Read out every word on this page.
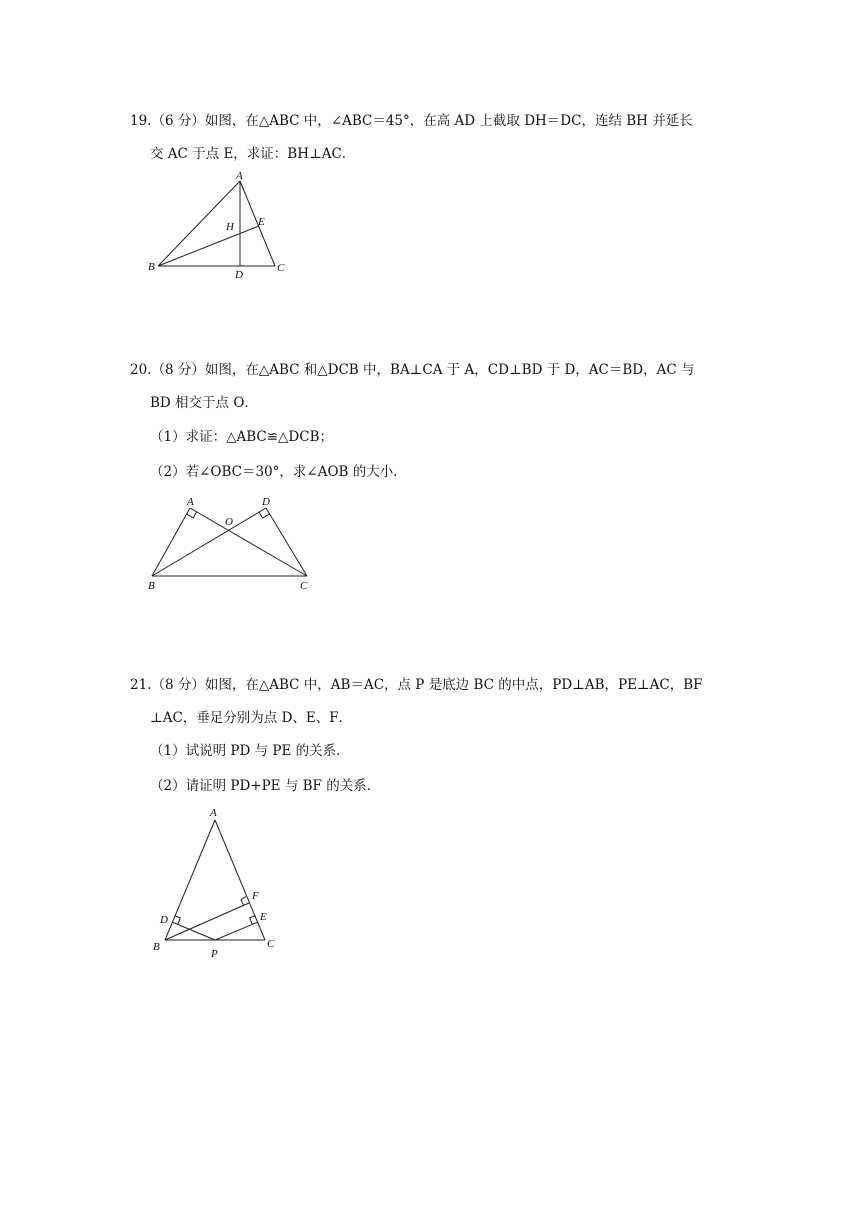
19.（6 分）如图，在△ABC 中，∠ABC＝45°，在高 AD 上截取 DH＝DC，连结 BH 并延长
交 AC 于点 E，求证：BH⊥AC．
A
B	C
D
E
H
20.（8 分）如图，在△ABC 和△DCB 中，BA⊥CA 于 A，CD⊥BD 于 D，AC＝BD，AC 与
BD 相交于点 O．
（1）求证：△ABC≌△DCB；
（2）若∠OBC＝30°，求∠AOB 的大小．
A	D
O
B	C
21.（8 分）如图，在△ABC 中，AB＝AC，点 P 是底边 BC 的中点，PD⊥AB，PE⊥AC，BF
⊥AC，垂足分别为点 D、E、F．
（1）试说明 PD 与 PE 的关系．
（2）请证明 PD+PE 与 BF 的关系．
A
B	C
D	E
F
P
